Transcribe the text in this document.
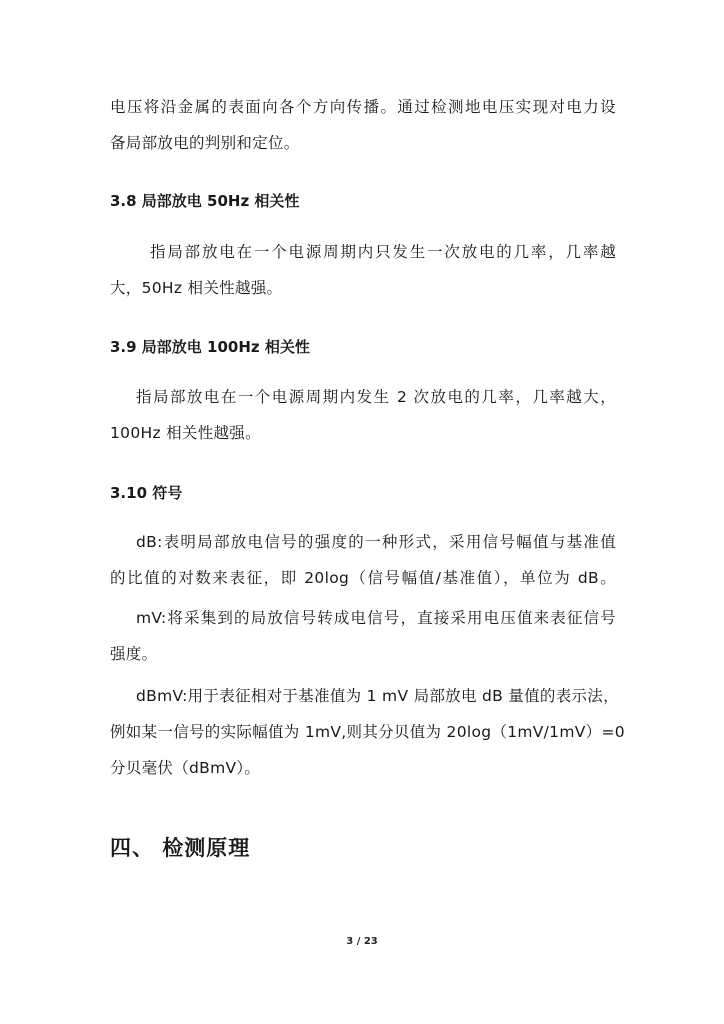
电压将沿金属的表面向各个方向传播。通过检测地电压实现对电力设
备局部放电的判别和定位。
3.8 局部放电 50Hz 相关性
指局部放电在一个电源周期内只发生一次放电的几率，几率越
大，50Hz 相关性越强。
3.9 局部放电 100Hz 相关性
指局部放电在一个电源周期内发生 2 次放电的几率，几率越大，
100Hz 相关性越强。
3.10 符号
dB:表明局部放电信号的强度的一种形式，采用信号幅值与基准值
的比值的对数来表征，即 20log（信号幅值/基准值），单位为 dB。
mV:将采集到的局放信号转成电信号，直接采用电压值来表征信号
强度。
dBmV:用于表征相对于基准值为 1 mV 局部放电 dB 量值的表示法，
例如某一信号的实际幅值为 1mV,则其分贝值为 20log（1mV/1mV）=0
分贝毫伏（dBmV）。
四、 检测原理
3 / 23
